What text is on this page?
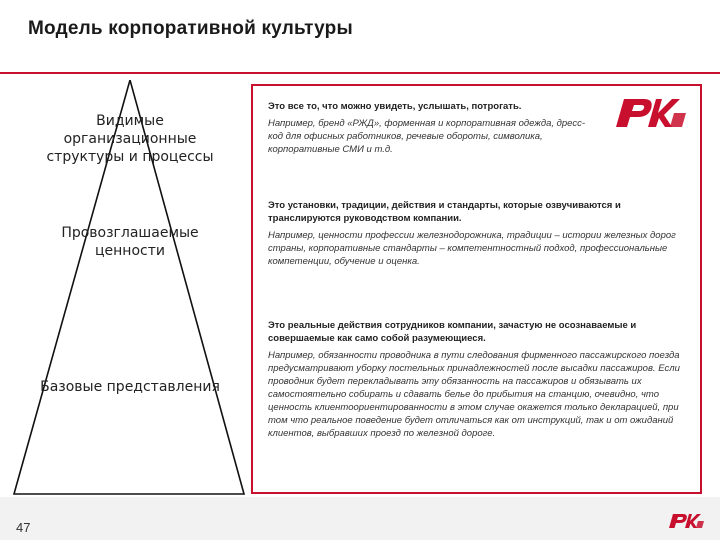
Модель корпоративной культуры
Видимые организационные структуры и процессы
Провозглашаемые ценности
Базовые представления
Это все то, что можно увидеть, услышать, потрогать.
Например, бренд «РЖД», форменная и корпоративная одежда, дресс-код для офисных работников, речевые обороты, символика, корпоративные СМИ и т.д.
Это установки, традиции, действия и стандарты, которые озвучиваются и транслируются руководством компании.
Например, ценности профессии железнодорожника, традиции – истории железных дорог страны, корпоративные стандарты – компетентностный подход, профессиональные компетенции, обучение и оценка.
Это реальные действия сотрудников компании, зачастую не осознаваемые и совершаемые как само собой разумеющиеся.
Например, обязанности проводника в пути следования фирменного пассажирского поезда предусматривают уборку постельных принадлежностей после высадки пассажиров. Если проводник будет перекладывать эту обязанность на пассажиров и обязывать их самостоятельно собирать и сдавать белье до прибытия на станцию, очевидно, что ценность клиентоориентированности в этом случае окажется только декларацией, при том что реальное поведение будет отличаться как от инструкций, так и от ожиданий клиентов, выбравших проезд по железной дороге.
47
